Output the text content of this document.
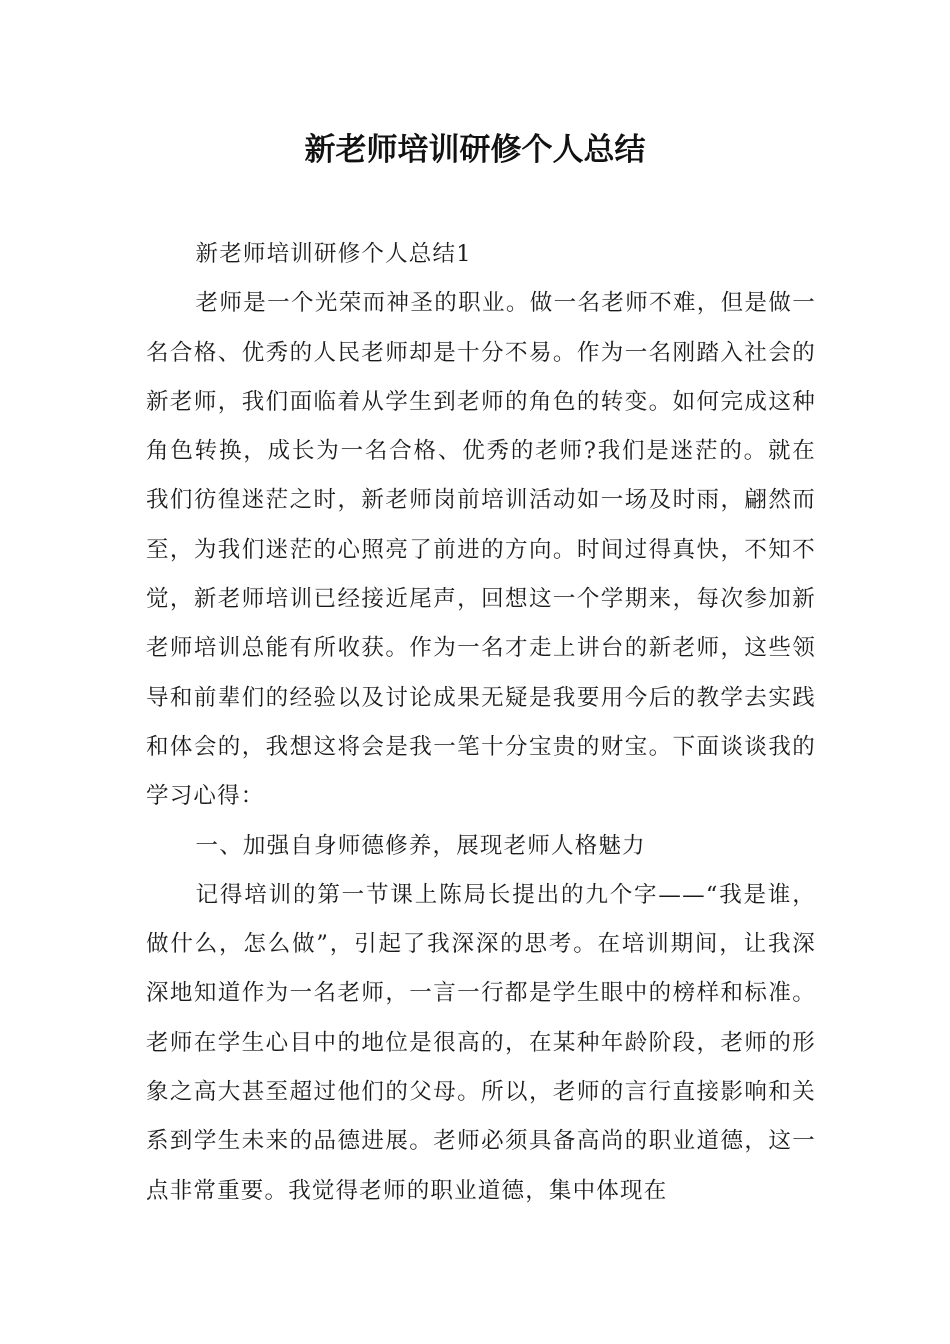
新老师培训研修个人总结

新老师培训研修个人总结1

老师是一个光荣而神圣的职业。做一名老师不难，但是做一名合格、优秀的人民老师却是十分不易。作为一名刚踏入社会的新老师，我们面临着从学生到老师的角色的转变。如何完成这种角色转换，成长为一名合格、优秀的老师?我们是迷茫的。就在我们彷徨迷茫之时，新老师岗前培训活动如一场及时雨，翩然而至，为我们迷茫的心照亮了前进的方向。时间过得真快，不知不觉，新老师培训已经接近尾声，回想这一个学期来，每次参加新老师培训总能有所收获。作为一名才走上讲台的新老师，这些领导和前辈们的经验以及讨论成果无疑是我要用今后的教学去实践和体会的，我想这将会是我一笔十分宝贵的财宝。下面谈谈我的学习心得：

一、加强自身师德修养，展现老师人格魅力

记得培训的第一节课上陈局长提出的九个字——“我是谁，做什么，怎么做”，引起了我深深的思考。在培训期间，让我深深地知道作为一名老师，一言一行都是学生眼中的榜样和标准。老师在学生心目中的地位是很高的，在某种年龄阶段，老师的形象之高大甚至超过他们的父母。所以，老师的言行直接影响和关系到学生未来的品德进展。老师必须具备高尚的职业道德，这一点非常重要。我觉得老师的职业道德，集中体现在
